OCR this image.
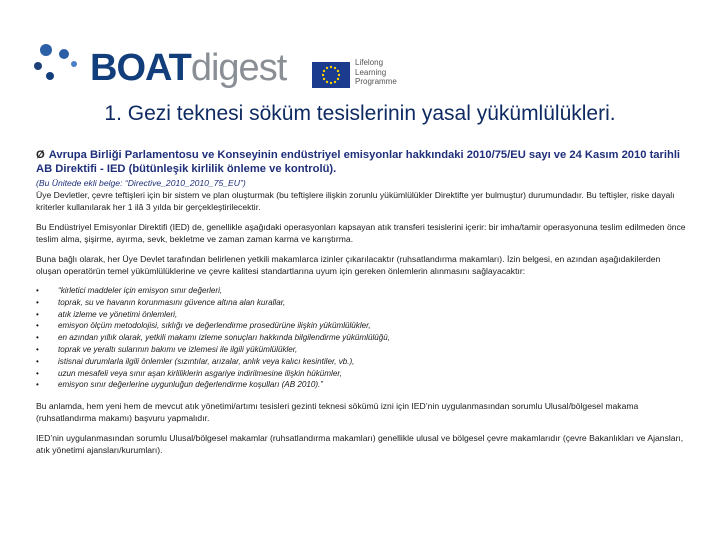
BOATdigest	Lifelong
Learning
Programme
1. Gezi teknesi söküm tesislerinin yasal yükümlülükleri.
Ø Avrupa Birliği Parlamentosu ve Konseyinin endüstriyel emisyonlar hakkındaki 2010/75/EU sayı ve 24 Kasım 2010 tarihli AB Direktifi - IED (bütünleşik kirlilik önleme ve kontrolü).
(Bu Ünitede ekli belge: “Directive_2010_2010_75_EU”)

Üye Devletler, çevre teftişleri için bir sistem ve plan oluşturmak (bu teftişlere ilişkin zorunlu yükümlülükler Direktifte yer bulmuştur) durumundadır. Bu teftişler, riske dayalı kriterler kullanılarak her 1 ilâ 3 yılda bir gerçekleştirilecektir.

Bu Endüstriyel Emisyonlar Direktifi (IED) de, genellikle aşağıdaki operasyonları kapsayan atık transferi tesislerini içerir: bir imha/tamir operasyonuna teslim edilmeden önce teslim alma, şişirme, ayırma, sevk, bekletme ve zaman zaman karma ve karıştırma.

Buna bağlı olarak, her Üye Devlet tarafından belirlenen yetkili makamlarca izinler çıkarılacaktır (ruhsatlandırma makamları). İzin belgesi, en azından aşağıdakilerden oluşan operatörün temel yükümlülüklerine ve çevre kalitesi standartlarına uyum için gereken önlemlerin alınmasını sağlayacaktır:

• “kirletici maddeler için emisyon sınır değerleri,
• toprak, su ve havanın korunmasını güvence altına alan kurallar,
• atık izleme ve yönetimi önlemleri,
• emisyon ölçüm metodolojisi, sıklığı ve değerlendirme prosedürüne ilişkin yükümlülükler,
• en azından yıllık olarak, yetkili makamı izleme sonuçları hakkında bilgilendirme yükümlülüğü,
• toprak ve yeraltı sularının bakımı ve izlemesi ile ilgili yükümlülükler,
• istisnai durumlarla ilgili önlemler (sızıntılar, arızalar, anlık veya kalıcı kesintiler, vb.),
• uzun mesafeli veya sınır aşan kirliliklerin asgariye indirilmesine ilişkin hükümler,
• emisyon sınır değerlerine uygunluğun değerlendirme koşulları (AB 2010).”

Bu anlamda, hem yeni hem de mevcut atık yönetimi/artımı tesisleri gezinti teknesi sökümü izni için IED’nin uygulanmasından sorumlu Ulusal/bölgesel makama (ruhsatlandırma makamı) başvuru yapmalıdır.

IED’nin uygulanmasından sorumlu Ulusal/bölgesel makamlar (ruhsatlandırma makamları) genellikle ulusal ve bölgesel çevre makamlarıdır (çevre Bakanlıkları ve Ajansları, atık yönetimi ajansları/kurumları).
